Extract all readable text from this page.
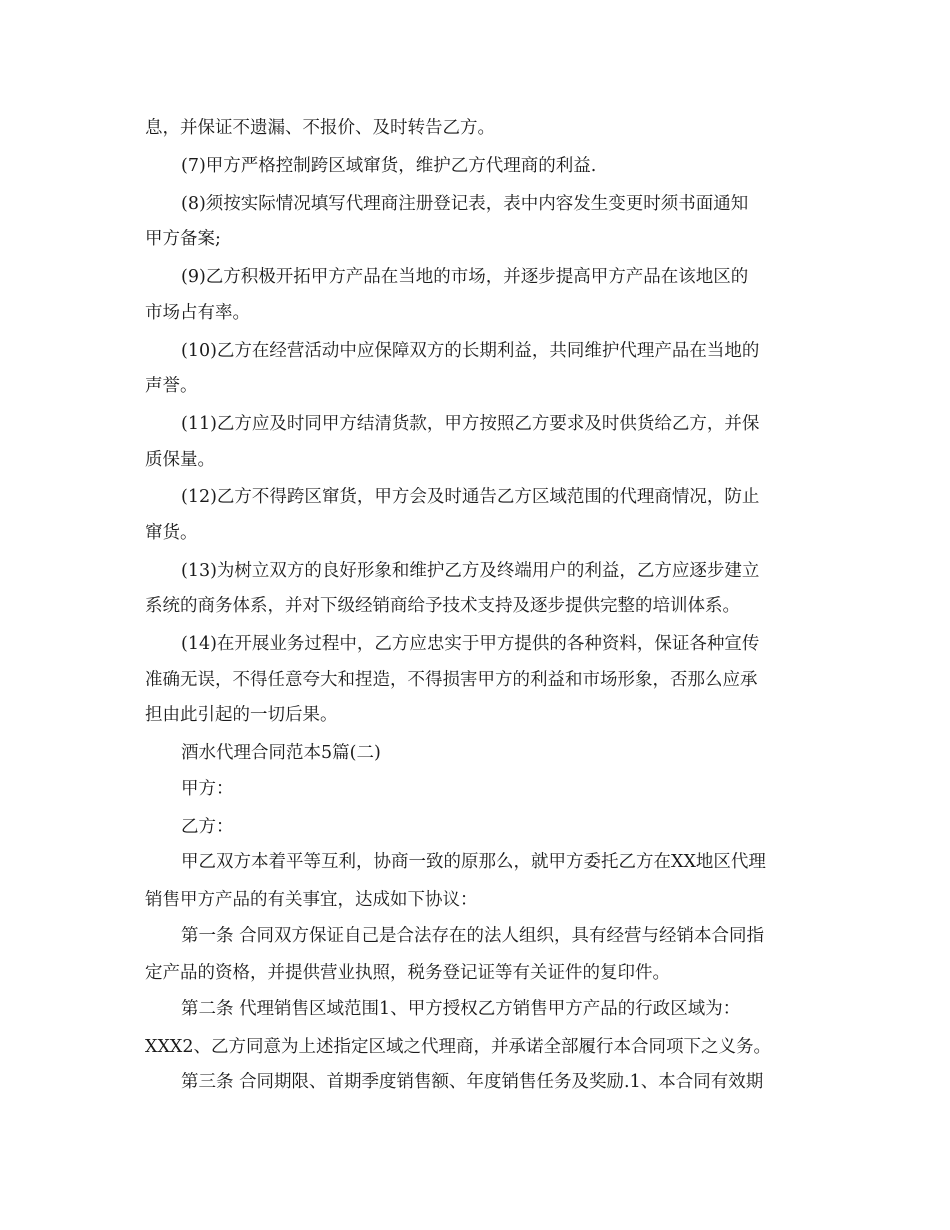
息，并保证不遗漏、不报价、及时转告乙方。
(7)甲方严格控制跨区域窜货，维护乙方代理商的利益.
(8)须按实际情况填写代理商注册登记表，表中内容发生变更时须书面通知
甲方备案;
(9)乙方积极开拓甲方产品在当地的市场，并逐步提高甲方产品在该地区的
市场占有率。
(10)乙方在经营活动中应保障双方的长期利益，共同维护代理产品在当地的
声誉。
(11)乙方应及时同甲方结清货款，甲方按照乙方要求及时供货给乙方，并保
质保量。
(12)乙方不得跨区窜货，甲方会及时通告乙方区域范围的代理商情况，防止
窜货。
(13)为树立双方的良好形象和维护乙方及终端用户的利益，乙方应逐步建立
系统的商务体系，并对下级经销商给予技术支持及逐步提供完整的培训体系。
(14)在开展业务过程中，乙方应忠实于甲方提供的各种资料，保证各种宣传
准确无误，不得任意夸大和捏造，不得损害甲方的利益和市场形象，否那么应承
担由此引起的一切后果。
酒水代理合同范本5篇(二)
甲方：
乙方：
甲乙双方本着平等互利，协商一致的原那么，就甲方委托乙方在XX地区代理
销售甲方产品的有关事宜，达成如下协议：
第一条 合同双方保证自己是合法存在的法人组织，具有经营与经销本合同指
定产品的资格，并提供营业执照，税务登记证等有关证件的复印件。
第二条 代理销售区域范围1、甲方授权乙方销售甲方产品的行政区域为：
XXX2、乙方同意为上述指定区域之代理商，并承诺全部履行本合同项下之义务。
第三条 合同期限、首期季度销售额、年度销售任务及奖励.1、本合同有效期
